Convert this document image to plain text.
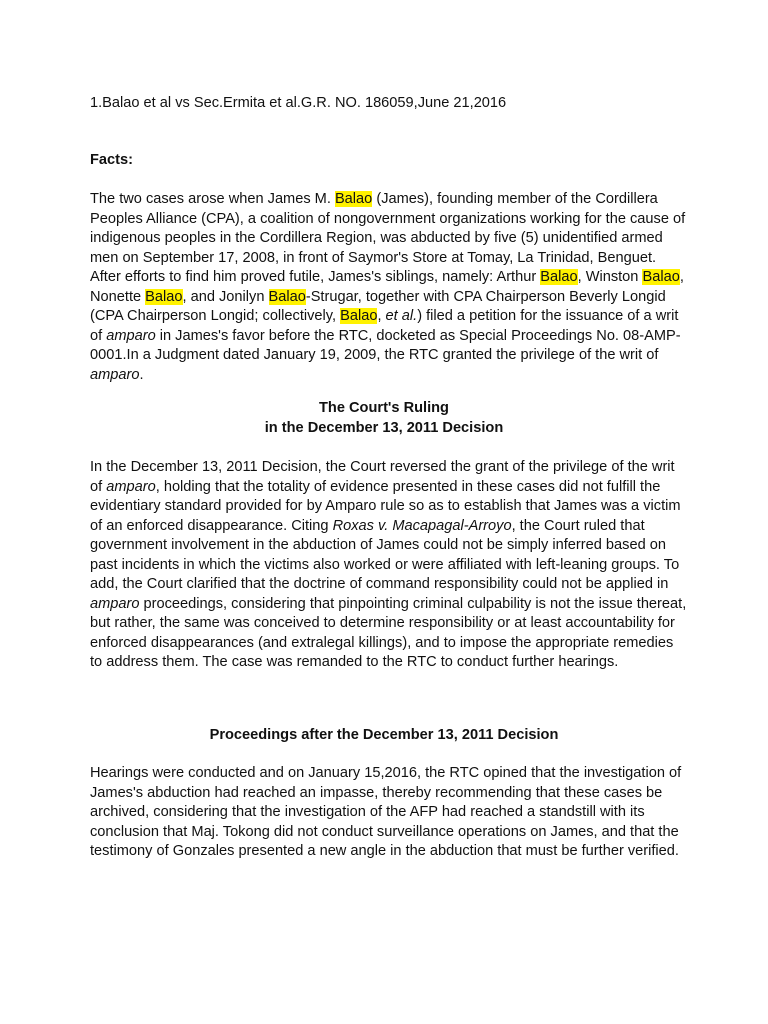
1.Balao et al vs Sec.Ermita et al.G.R. NO. 186059,June 21,2016
Facts:

The two cases arose when James M. Balao (James), founding member of the Cordillera Peoples Alliance (CPA), a coalition of nongovernment organizations working for the cause of indigenous peoples in the Cordillera Region, was abducted by five (5) unidentified armed men on September 17, 2008, in front of Saymor's Store at Tomay, La Trinidad, Benguet. After efforts to find him proved futile, James's siblings, namely: Arthur Balao, Winston Balao, Nonette Balao, and Jonilyn Balao-Strugar, together with CPA Chairperson Beverly Longid (CPA Chairperson Longid; collectively, Balao, et al.) filed a petition for the issuance of a writ of amparo in James's favor before the RTC, docketed as Special Proceedings No. 08-AMP-0001.In a Judgment dated January 19, 2009, the RTC granted the privilege of the writ of amparo.

The Court's Ruling
in the December 13, 2011 Decision

In the December 13, 2011 Decision, the Court reversed the grant of the privilege of the writ of amparo, holding that the totality of evidence presented in these cases did not fulfill the evidentiary standard provided for by Amparo rule so as to establish that James was a victim of an enforced disappearance. Citing Roxas v. Macapagal-Arroyo, the Court ruled that government involvement in the abduction of James could not be simply inferred based on past incidents in which the victims also worked or were affiliated with left-leaning groups. To add, the Court clarified that the doctrine of command responsibility could not be applied in amparo proceedings, considering that pinpointing criminal culpability is not the issue thereat, but rather, the same was conceived to determine responsibility or at least accountability for enforced disappearances (and extralegal killings), and to impose the appropriate remedies to address them. The case was remanded to the RTC to conduct further hearings.

Proceedings after the December 13, 2011 Decision

Hearings were conducted and on January 15,2016, the RTC opined that the investigation of James's abduction had reached an impasse, thereby recommending that these cases be archived, considering that the investigation of the AFP had reached a standstill with its conclusion that Maj. Tokong did not conduct surveillance operations on James, and that the testimony of Gonzales presented a new angle in the abduction that must be further verified.
